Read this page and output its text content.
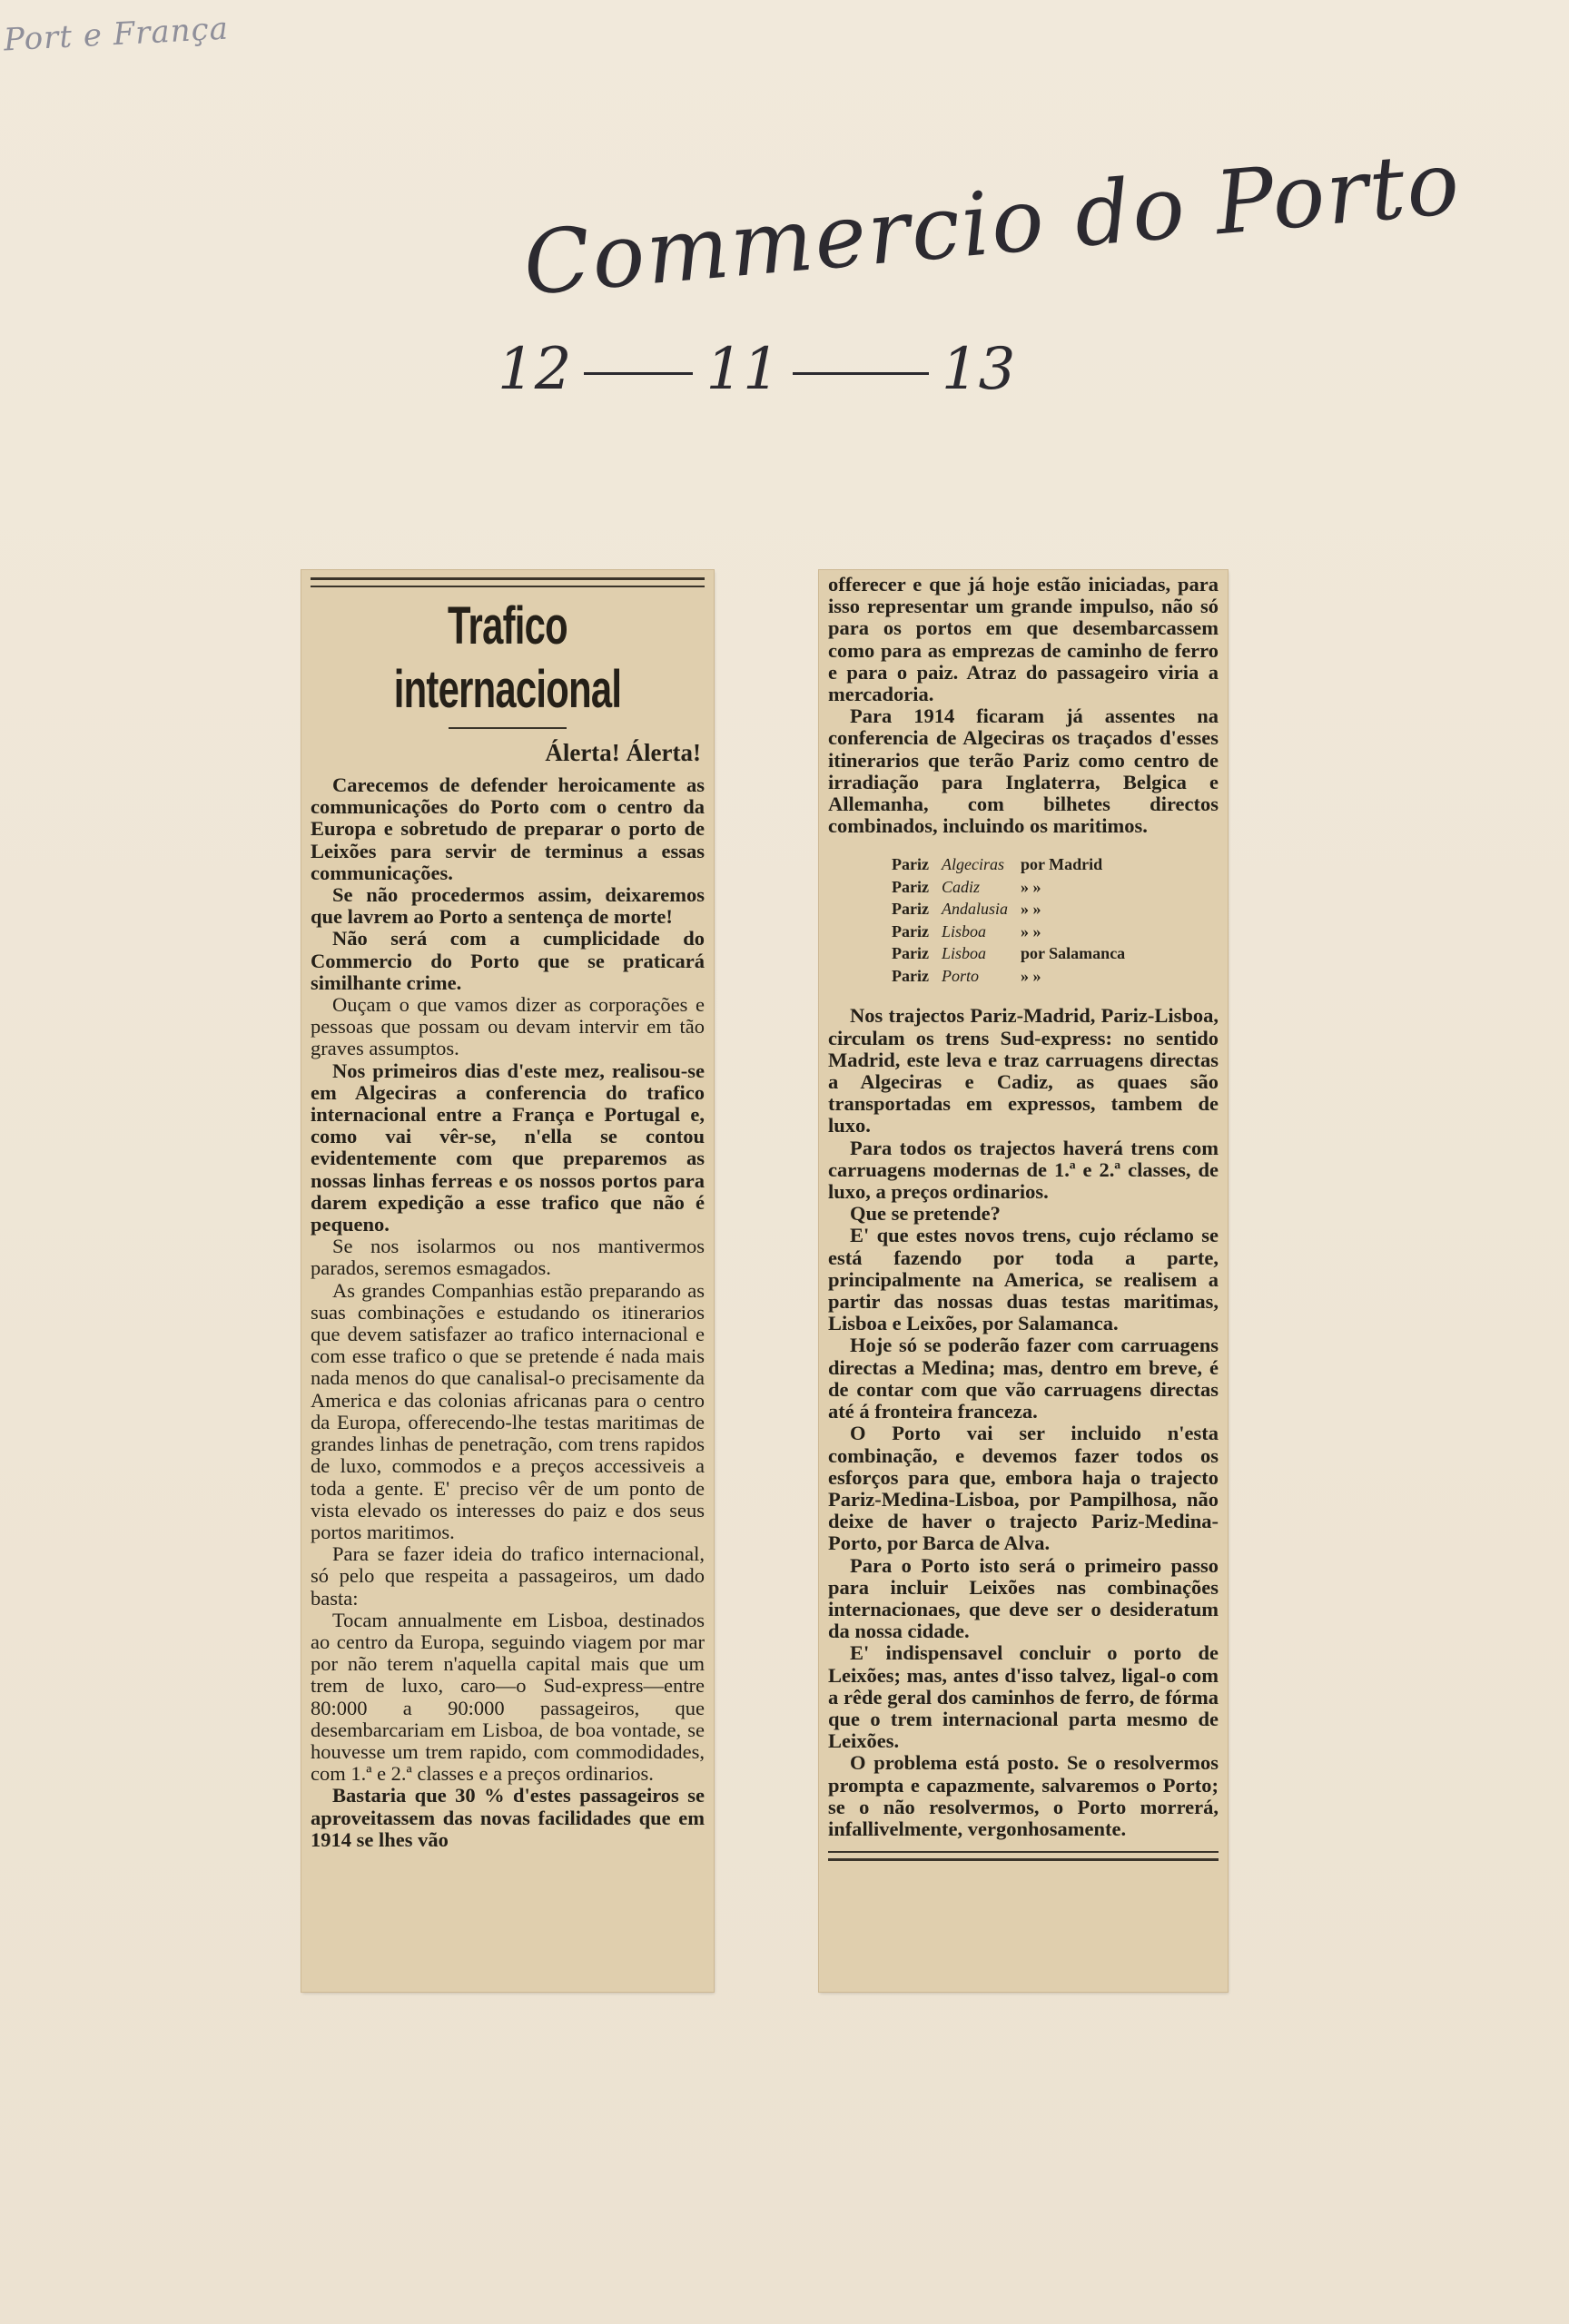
Port e França
Commercio do Porto
12 11	13
Trafico internacional
Álerta! Álerta!

Carecemos de defender heroicamente as communicações do Porto com o centro da Europa e sobretudo de preparar o porto de Leixões para servir de terminus a essas communicações.

Se não procedermos assim, deixaremos que lavrem ao Porto a sentença de morte!

Não será com a cumplicidade do Commercio do Porto que se praticará similhante crime.

Ouçam o que vamos dizer as corporações e pessoas que possam ou devam intervir em tão graves assumptos.

Nos primeiros dias d'este mez, realisou-se em Algeciras a conferencia do trafico internacional entre a França e Portugal e, como vai vêr-se, n'ella se contou evidentemente com que preparemos as nossas linhas ferreas e os nossos portos para darem expedição a esse trafico que não é pequeno.

Se nos isolarmos ou nos mantivermos parados, seremos esmagados.

As grandes Companhias estão preparando as suas combinações e estudando os itinerarios que devem satisfazer ao trafico internacional e com esse trafico o que se pretende é nada mais nada menos do que canalisal-o precisamente da America e das colonias africanas para o centro da Europa, offerecendo-lhe testas maritimas de grandes linhas de penetração, com trens rapidos de luxo, commodos e a preços accessiveis a toda a gente. E' preciso vêr de um ponto de vista elevado os interesses do paiz e dos seus portos maritimos.

Para se fazer ideia do trafico internacional, só pelo que respeita a passageiros, um dado basta:

Tocam annualmente em Lisboa, destinados ao centro da Europa, seguindo viagem por mar por não terem n'aquella capital mais que um trem de luxo, caro—o Sud-express—entre 80:000 a 90:000 passageiros, que desembarcariam em Lisboa, de boa vontade, se houvesse um trem rapido, com commodidades, com 1.ª e 2.ª classes e a preços ordinarios.

Bastaria que 30 % d'estes passageiros se aproveitassem das novas facilidades que em 1914 se lhes vão

offerecer e que já hoje estão iniciadas, para isso representar um grande impulso, não só para os portos em que desembarcassem como para as emprezas de caminho de ferro e para o paiz. Atraz do passageiro viria a mercadoria.

Para 1914 ficaram já assentes na conferencia de Algeciras os traçados d'esses itinerarios que terão Pariz como centro de irradiação para Inglaterra, Belgica e Allemanha, com bilhetes directos combinados, incluindo os maritimos.

Pariz	Algeciras	por Madrid
Pariz	Cadiz	» »
Pariz	Andalusia	» »
Pariz	Lisboa	» »
Pariz	Lisboa	por Salamanca
Pariz	Porto	» »

Nos trajectos Pariz-Madrid, Pariz-Lisboa, circulam os trens Sud-express: no sentido Madrid, este leva e traz carruagens directas a Algeciras e Cadiz, as quaes são transportadas em expressos, tambem de luxo.

Para todos os trajectos haverá trens com carruagens modernas de 1.ª e 2.ª classes, de luxo, a preços ordinarios.

Que se pretende?

E' que estes novos trens, cujo réclamo se está fazendo por toda a parte, principalmente na America, se realisem a partir das nossas duas testas maritimas, Lisboa e Leixões, por Salamanca.

Hoje só se poderão fazer com carruagens directas a Medina; mas, dentro em breve, é de contar com que vão carruagens directas até á fronteira franceza.

O Porto vai ser incluido n'esta combinação, e devemos fazer todos os esforços para que, embora haja o trajecto Pariz-Medina-Lisboa, por Pampilhosa, não deixe de haver o trajecto Pariz-Medina-Porto, por Barca de Alva.

Para o Porto isto será o primeiro passo para incluir Leixões nas combinações internacionaes, que deve ser o desideratum da nossa cidade.

E' indispensavel concluir o porto de Leixões; mas, antes d'isso talvez, ligal-o com a rêde geral dos caminhos de ferro, de fórma que o trem internacional parta mesmo de Leixões.

O problema está posto. Se o resolvermos prompta e capazmente, salvaremos o Porto; se o não resolvermos, o Porto morrerá, infallivelmente, vergonhosamente.
